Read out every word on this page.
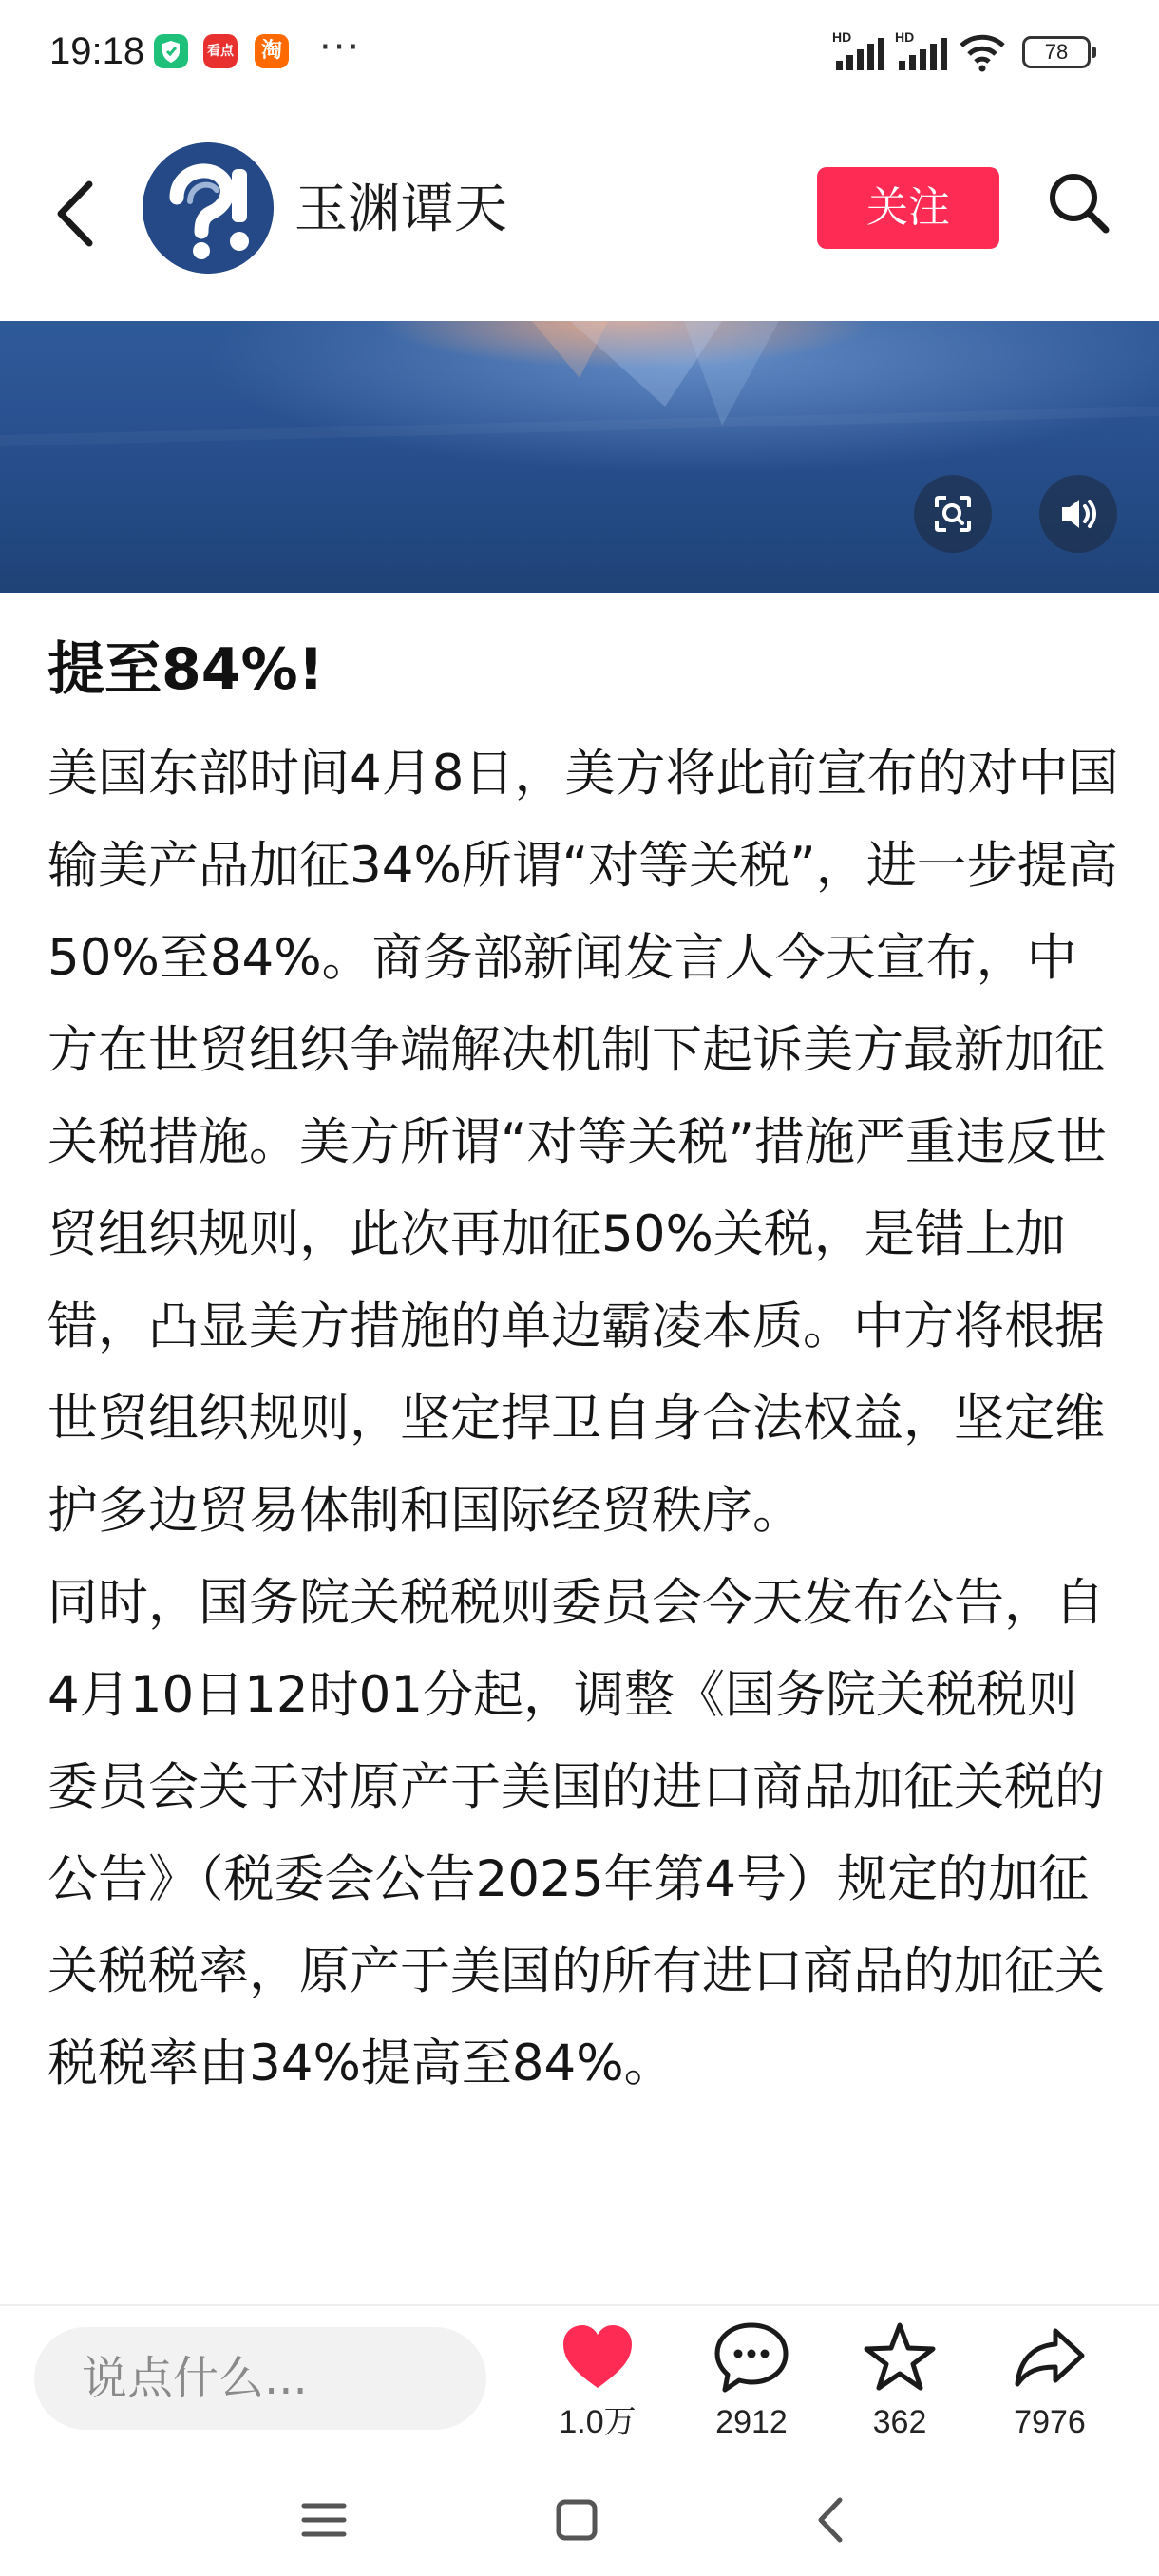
19:18	看点	淘 ···	HD	HD
78
玉渊谭天	关注
提至84%!

美国东部时间4月8日，美方将此前宣布的对中国输美产品加征34%所谓“对等关税”，进一步提高50%至84%。商务部新闻发言人今天宣布，中方在世贸组织争端解决机制下起诉美方最新加征关税措施。美方所谓“对等关税”措施严重违反世贸组织规则，此次再加征50%关税，是错上加错，凸显美方措施的单边霸凌本质。中方将根据世贸组织规则，坚定捍卫自身合法权益，坚定维护多边贸易体制和国际经贸秩序。

同时，国务院关税税则委员会今天发布公告，自4月10日12时01分起，调整《国务院关税税则委员会关于对原产于美国的进口商品加征关税的公告》（税委会公告2025年第4号）规定的加征关税税率，原产于美国的所有进口商品的加征关税税率由34%提高至84%。

说点什么...
1.0万	2912	362	7976
